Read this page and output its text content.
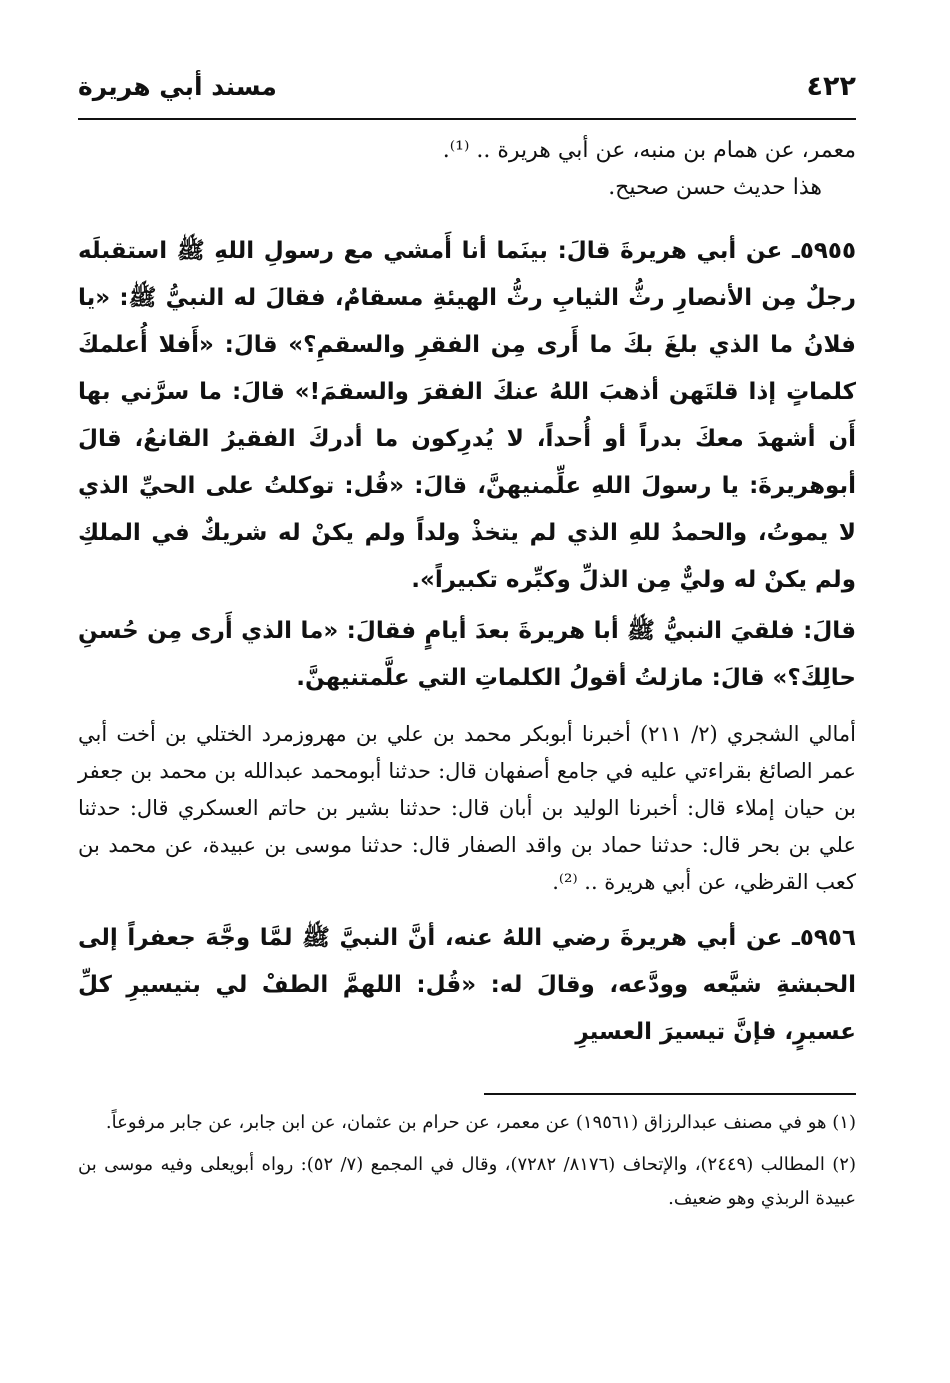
٤٢٢
مسند أبي هريرة

معمر، عن همام بن منبه، عن أبي هريرة .. ⁽¹⁾.

هذا حديث حسن صحيح.

٥٩٥٥ـ عن أبي هريرةَ قالَ: بينَما أنا أَمشي مع رسولِ اللهِ ﷺ استقبلَه رجلٌ مِن الأنصارِ رثُّ الثيابِ رثُّ الهيئةِ مسقامٌ، فقالَ له النبيُّ ﷺ: «يا فلانُ ما الذي بلغَ بكَ ما أَرى مِن الفقرِ والسقمِ؟» قالَ: «أَفلا أُعلمكَ كلماتٍ إذا قلتَهن أذهبَ اللهُ عنكَ الفقرَ والسقمَ!» قالَ: ما سرَّني بها أَن أشهدَ معكَ بدراً أو أُحداً، لا يُدرِكون ما أدركَ الفقيرُ القانعُ، قالَ أبوهريرةَ: يا رسولَ اللهِ علِّمنيهنَّ، قالَ: «قُل: توكلتُ على الحيِّ الذي لا يموتُ، والحمدُ للهِ الذي لم يتخذْ ولداً ولم يكنْ له شريكٌ في الملكِ ولم يكنْ له وليٌّ مِن الذلِّ وكبِّره تكبيراً».

قالَ: فلقيَ النبيُّ ﷺ أبا هريرةَ بعدَ أيامٍ فقالَ: «ما الذي أَرى مِن حُسنِ حالِكَ؟» قالَ: مازلتُ أقولُ الكلماتِ التي علَّمتنيهنَّ.

أمالي الشجري (٢/ ٢١١) أخبرنا أبوبكر محمد بن علي بن مهروزمرد الختلي بن أخت أبي عمر الصائغ بقراءتي عليه في جامع أصفهان قال: حدثنا أبومحمد عبدالله بن محمد بن جعفر بن حيان إملاء قال: أخبرنا الوليد بن أبان قال: حدثنا بشير بن حاتم العسكري قال: حدثنا علي بن بحر قال: حدثنا حماد بن واقد الصفار قال: حدثنا موسى بن عبيدة، عن محمد بن كعب القرظي، عن أبي هريرة .. ⁽²⁾.

٥٩٥٦ـ عن أبي هريرةَ رضي اللهُ عنه، أنَّ النبيَّ ﷺ لمَّا وجَّهَ جعفراً إلى الحبشةِ شيَّعه وودَّعه، وقالَ له: «قُل: اللهمَّ الطفْ لي بتيسيرِ كلِّ عسيرٍ، فإنَّ تيسيرَ العسيرِ

(١) هو في مصنف عبدالرزاق (١٩٥٦١) عن معمر، عن حرام بن عثمان، عن ابن جابر، عن جابر مرفوعاً.

(٢) المطالب (٢٤٤٩)، والإتحاف (٨١٧٦/ ٧٢٨٢)، وقال في المجمع (٧/ ٥٢): رواه أبويعلى وفيه موسى بن عبيدة الربذي وهو ضعيف.
